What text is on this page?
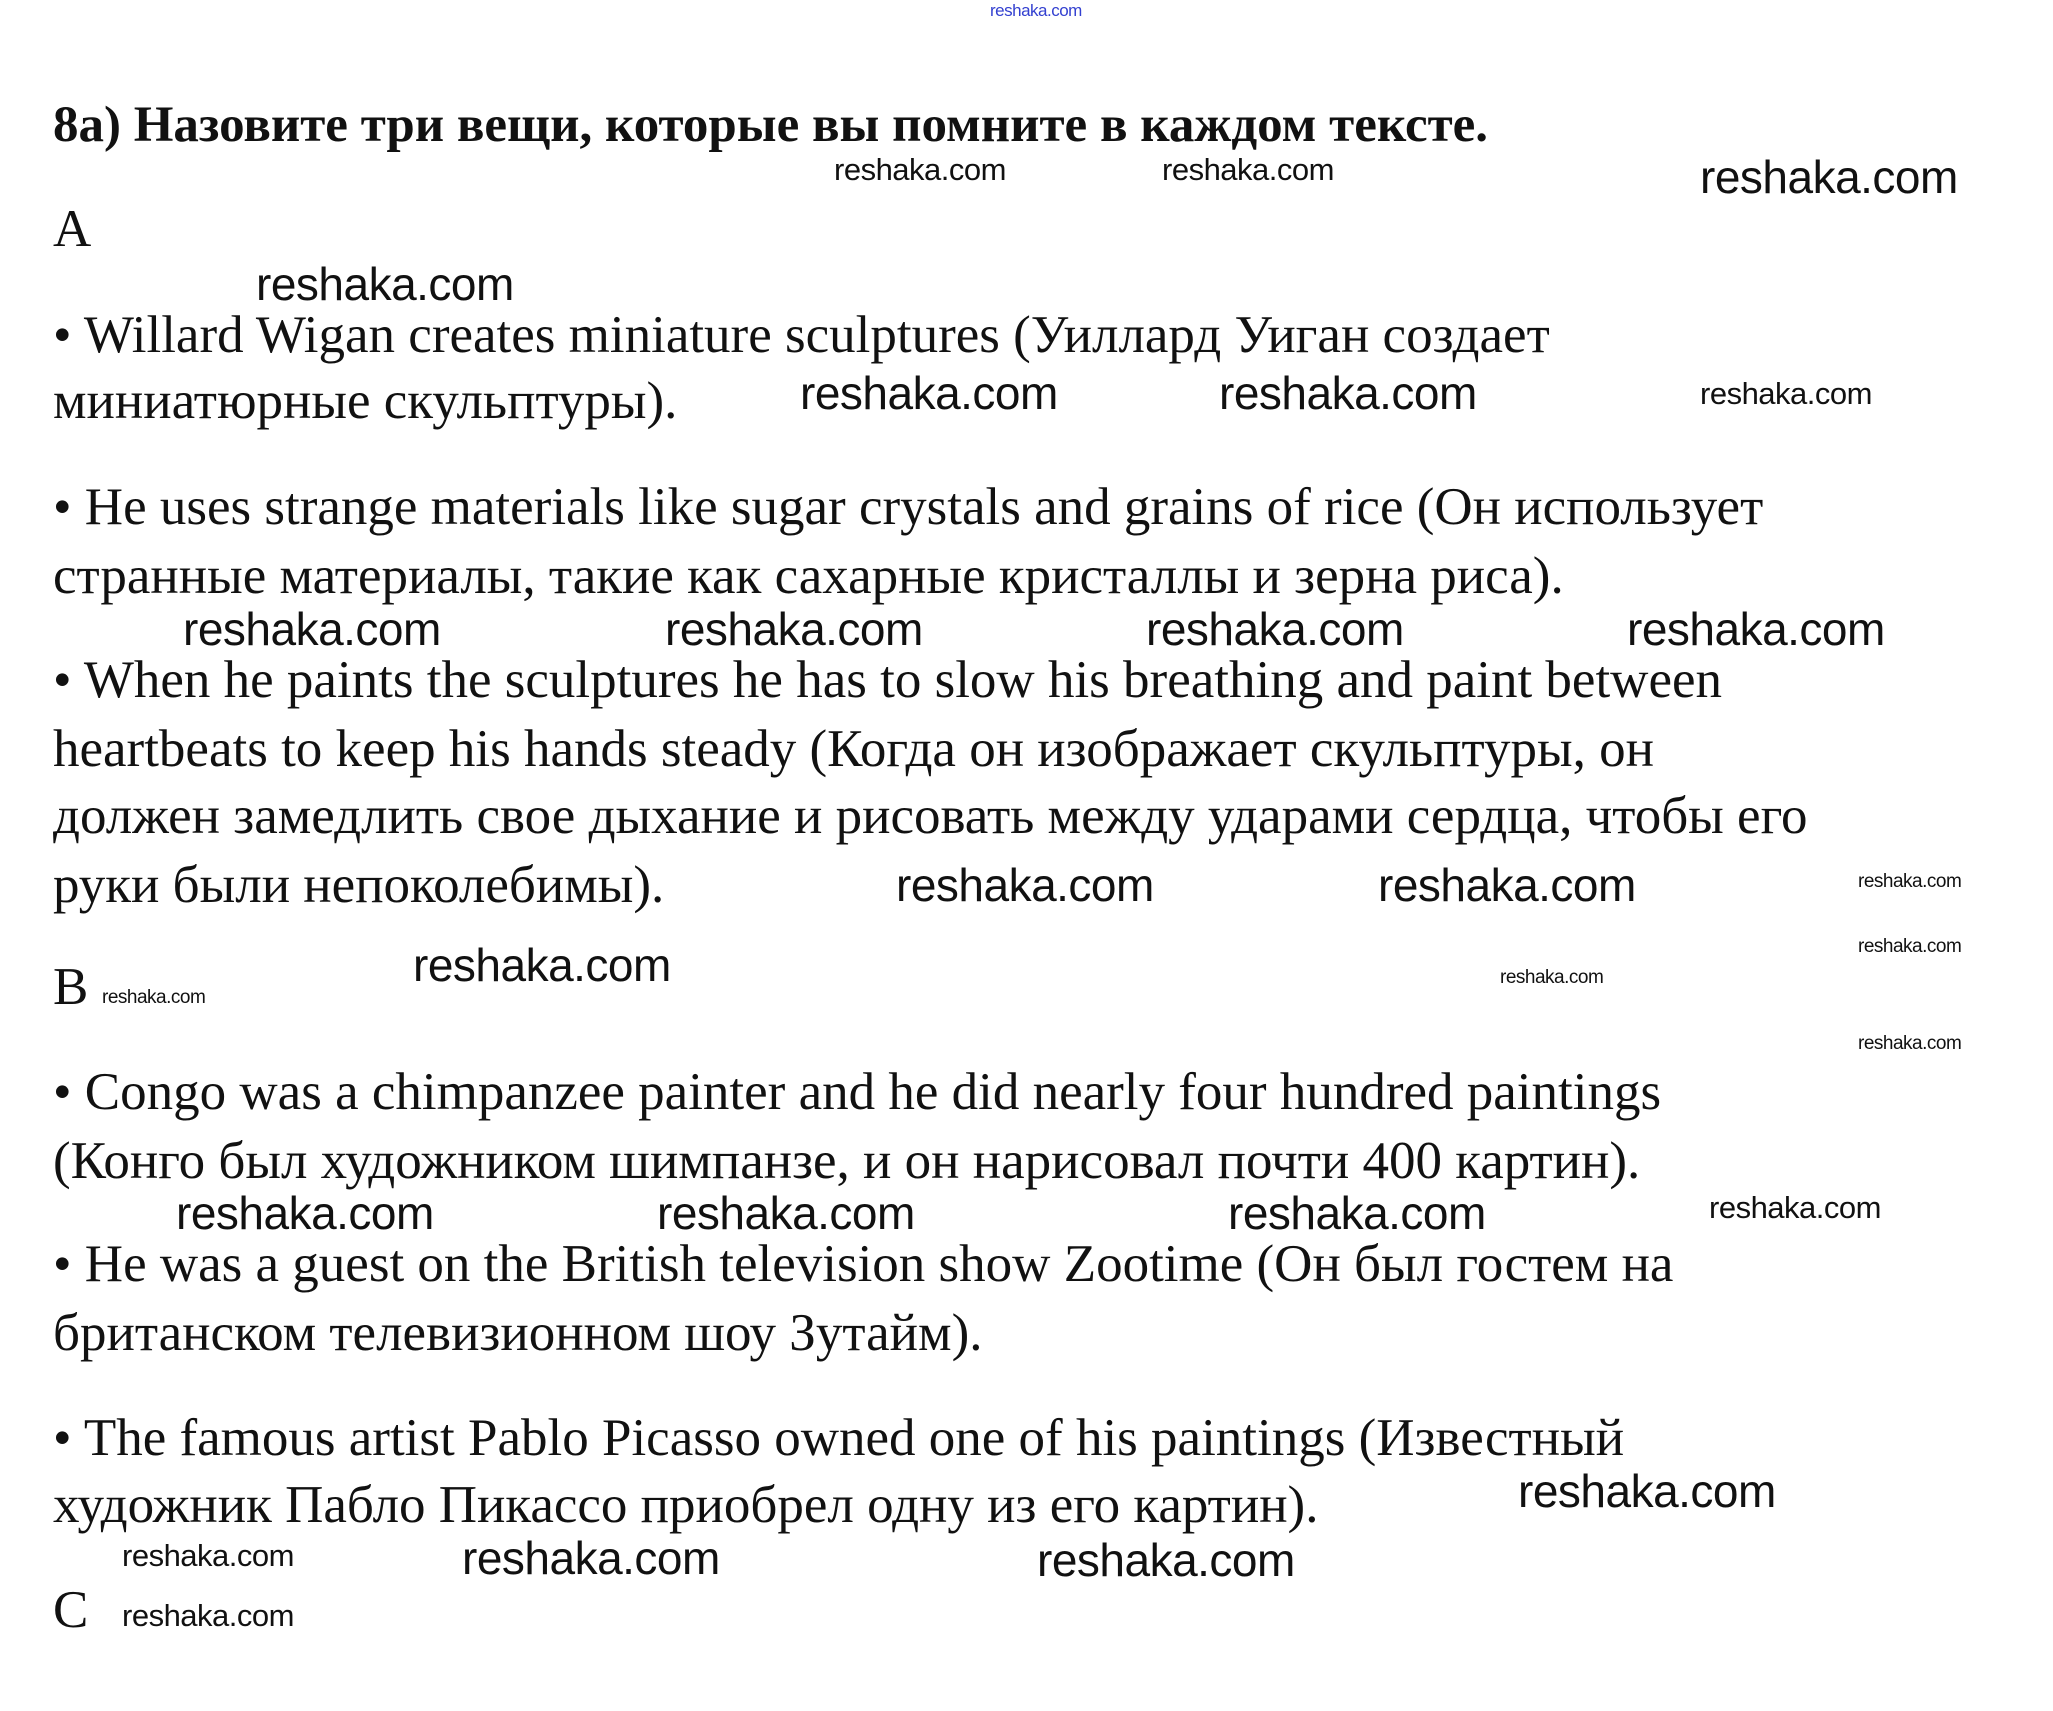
reshaka.com
8a) Назовите три вещи, которые вы помните в каждом тексте.
A
• Willard Wigan creates miniature sculptures (Уиллард Уиган создает
миниатюрные скульптуры).
• He uses strange materials like sugar crystals and grains of rice (Он использует
странные материалы, такие как сахарные кристаллы и зерна риса).
• When he paints the sculptures he has to slow his breathing and paint between
heartbeats to keep his hands steady (Когда он изображает скульптуры, он
должен замедлить свое дыхание и рисовать между ударами сердца, чтобы его
руки были непоколебимы).
B
• Congo was a chimpanzee painter and he did nearly four hundred paintings
(Конго был художником шимпанзе, и он нарисовал почти 400 картин).
• He was a guest on the British television show Zootime (Он был гостем на
британском телевизионном шоу Зутайм).
• The famous artist Pablo Picasso owned one of his paintings (Известный
художник Пабло Пикассо приобрел одну из его картин).
C
reshaka.com	reshaka.com	reshaka.com
reshaka.com
reshaka.com	reshaka.com	reshaka.com
reshaka.com	reshaka.com	reshaka.com	reshaka.com
reshaka.com
reshaka.com	reshaka.com	reshaka.com
reshaka.com
reshaka.com
reshaka.com
reshaka.com
reshaka.com	reshaka.com	reshaka.com	reshaka.com
reshaka.com
reshaka.com
reshaka.com	reshaka.com
reshaka.com
